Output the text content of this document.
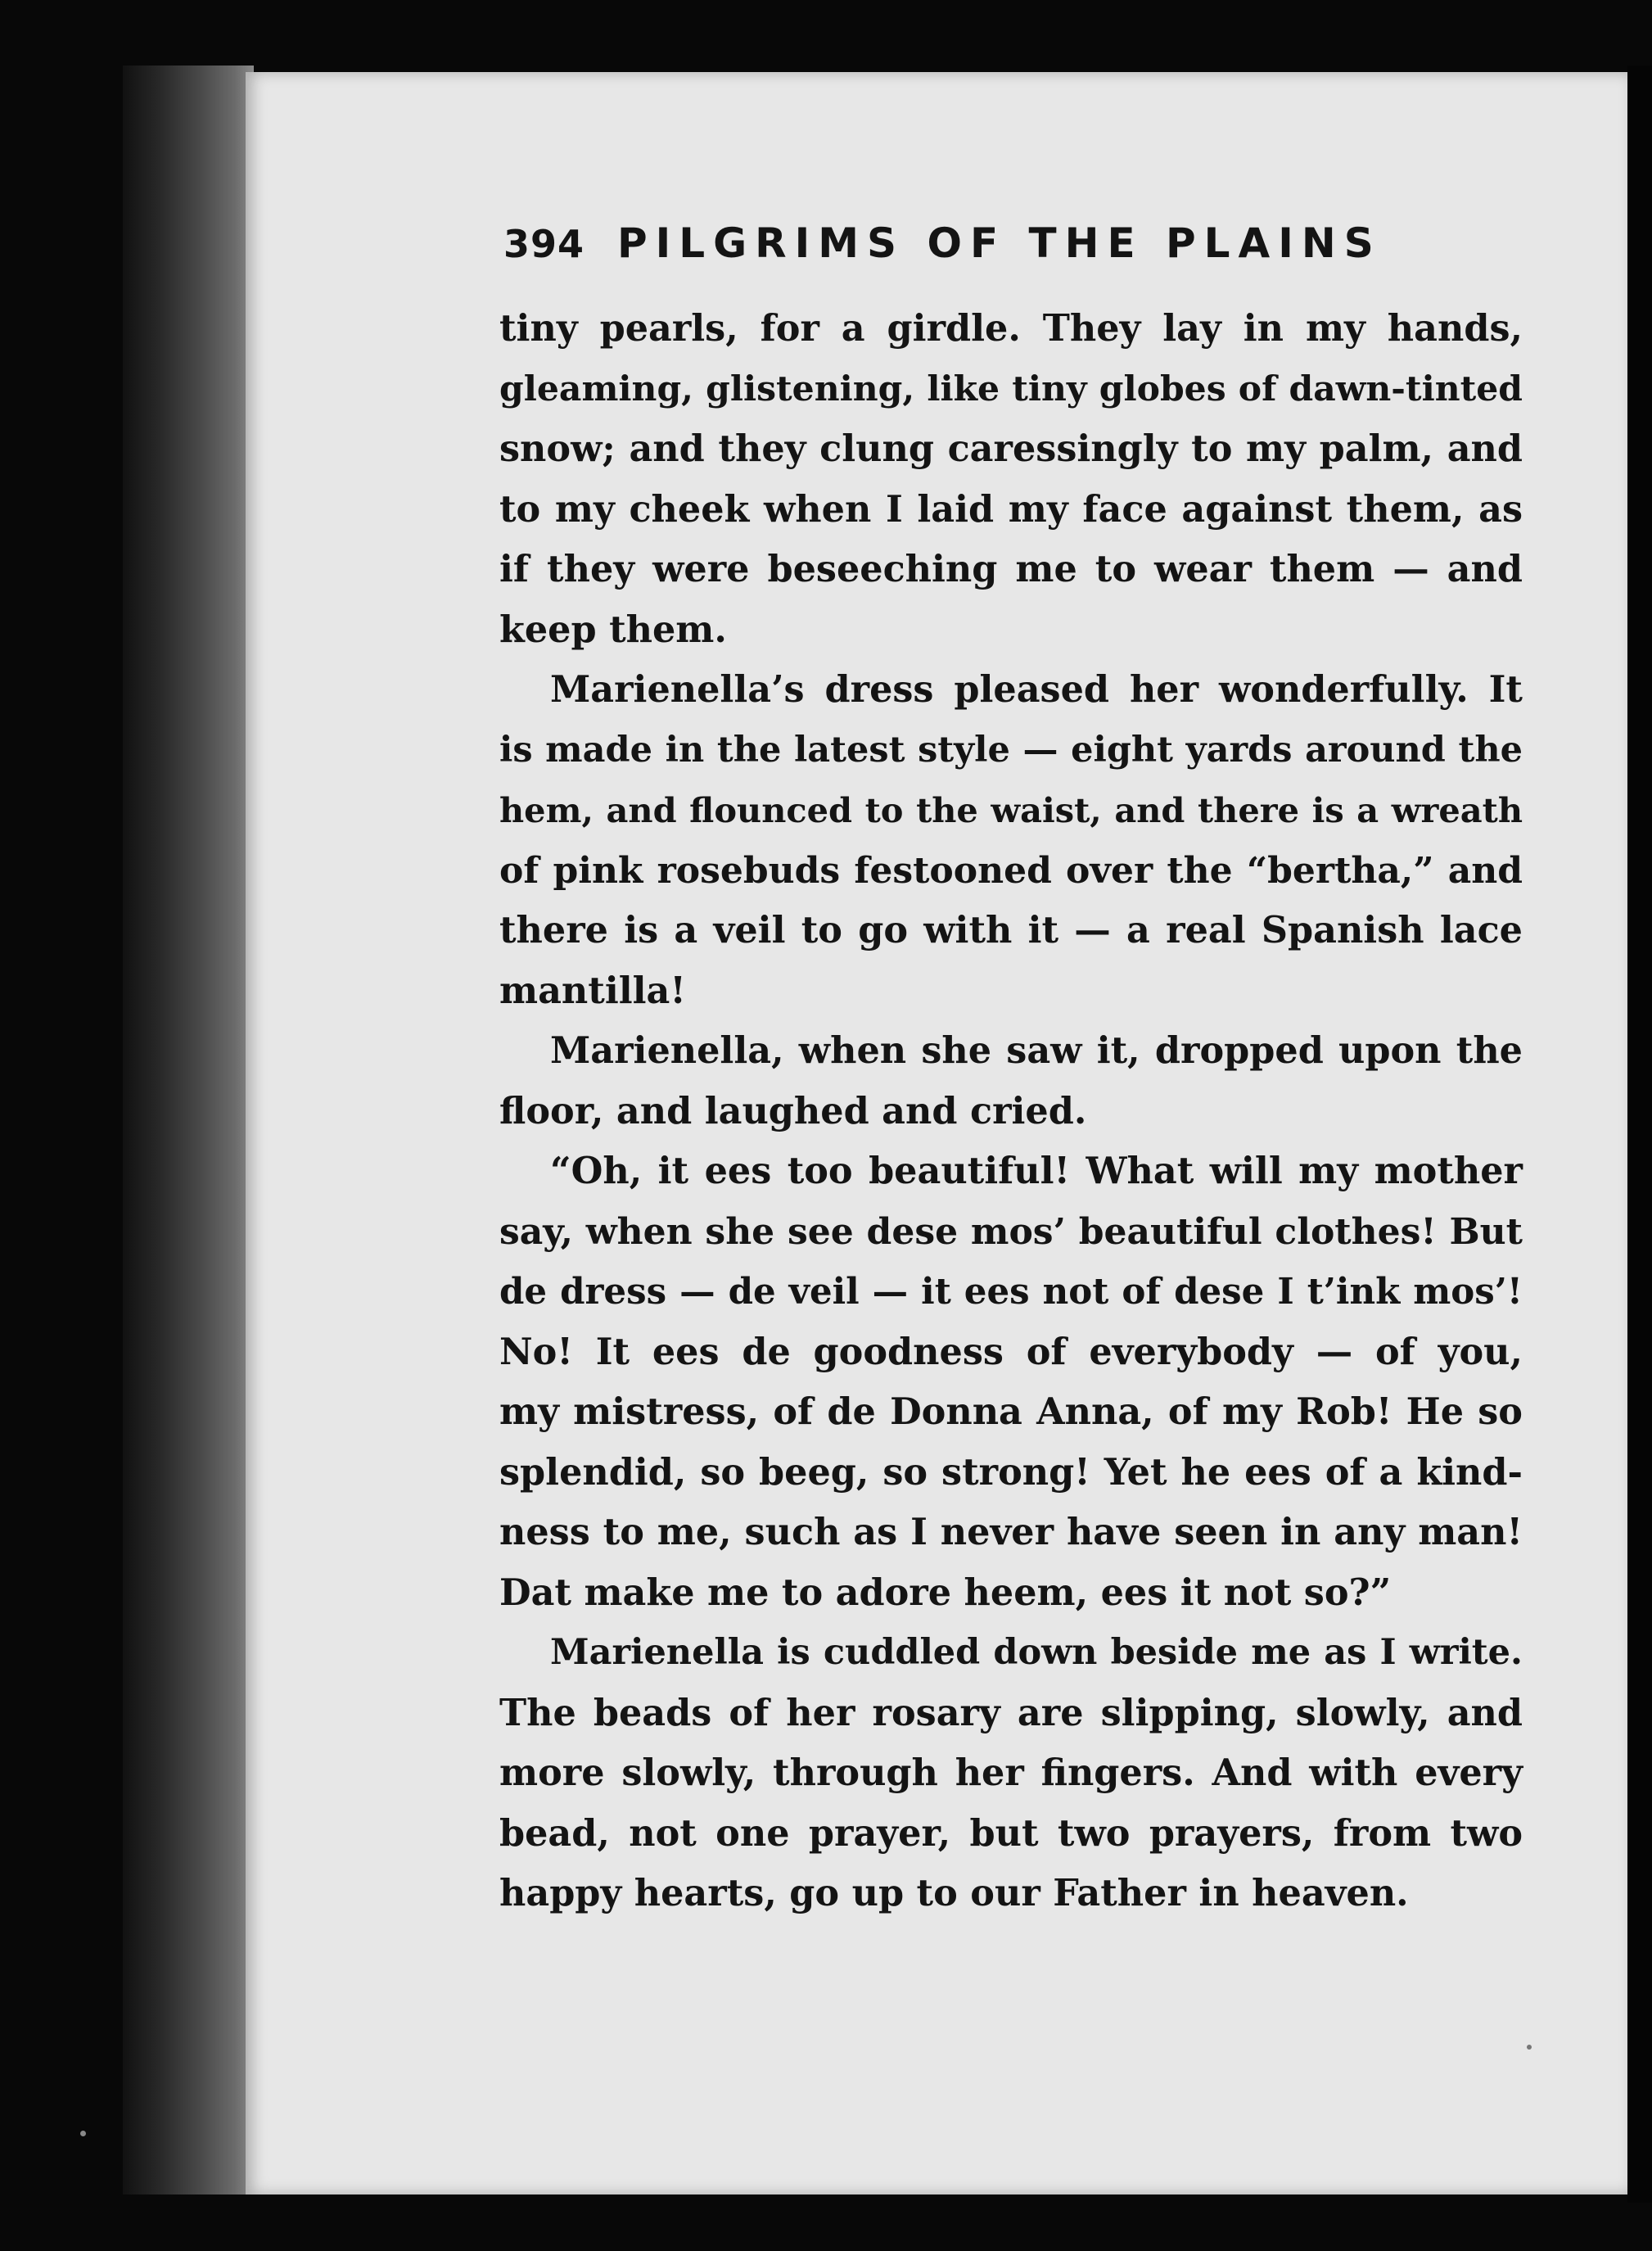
394 PILGRIMS OF THE PLAINS

tiny pearls, for a girdle. They lay in my hands,
gleaming, glistening, like tiny globes of dawn-tinted
snow; and they clung caressingly to my palm, and
to my cheek when I laid my face against them, as
if they were beseeching me to wear them — and
keep them.

Marienella’s dress pleased her wonderfully. It
is made in the latest style — eight yards around the
hem, and flounced to the waist, and there is a wreath
of pink rosebuds festooned over the “bertha,” and
there is a veil to go with it — a real Spanish lace
mantilla!

Marienella, when she saw it, dropped upon the
floor, and laughed and cried.

“Oh, it ees too beautiful! What will my mother
say, when she see dese mos’ beautiful clothes! But
de dress — de veil — it ees not of dese I t’ink mos’!
No! It ees de goodness of everybody — of you,
my mistress, of de Donna Anna, of my Rob! He so
splendid, so beeg, so strong! Yet he ees of a kind-
ness to me, such as I never have seen in any man!
Dat make me to adore heem, ees it not so?”

Marienella is cuddled down beside me as I write.
The beads of her rosary are slipping, slowly, and
more slowly, through her fingers. And with every
bead, not one prayer, but two prayers, from two
happy hearts, go up to our Father in heaven.
